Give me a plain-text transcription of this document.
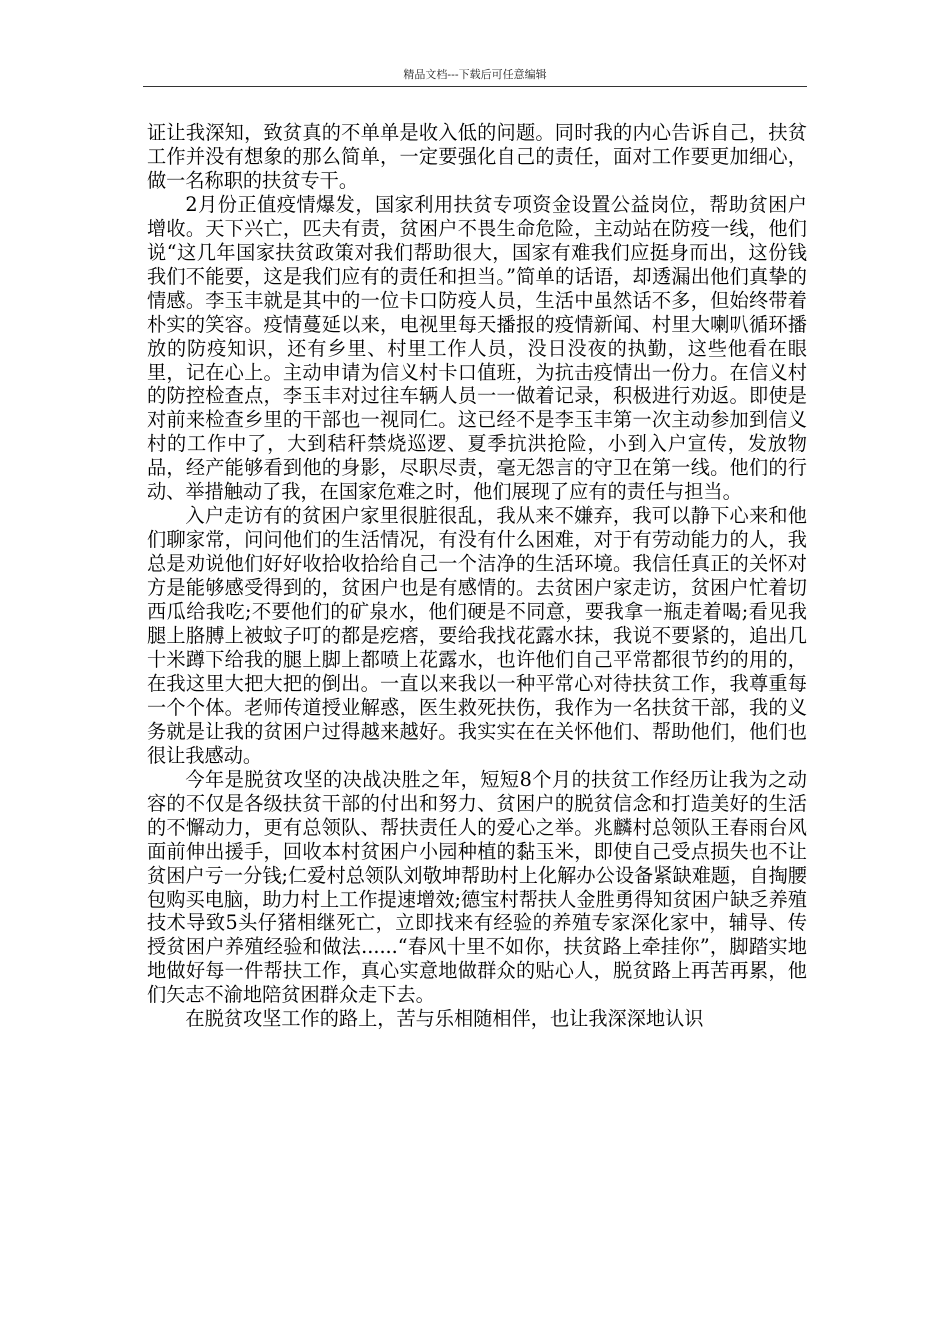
精品文档---下载后可任意编辑

证让我深知，致贫真的不单单是收入低的问题。同时我的内心告诉自己，扶贫工作并没有想象的那么简单，一定要强化自己的责任，面对工作要更加细心，做一名称职的扶贫专干。

2月份正值疫情爆发，国家利用扶贫专项资金设置公益岗位，帮助贫困户增收。天下兴亡，匹夫有责，贫困户不畏生命危险，主动站在防疫一线，他们说“这几年国家扶贫政策对我们帮助很大，国家有难我们应挺身而出，这份钱我们不能要，这是我们应有的责任和担当。”简单的话语，却透漏出他们真挚的情感。李玉丰就是其中的一位卡口防疫人员，生活中虽然话不多，但始终带着朴实的笑容。疫情蔓延以来，电视里每天播报的疫情新闻、村里大喇叭循环播放的防疫知识，还有乡里、村里工作人员，没日没夜的执勤，这些他看在眼里，记在心上。主动申请为信义村卡口值班，为抗击疫情出一份力。在信义村的防控检查点，李玉丰对过往车辆人员一一做着记录，积极进行劝返。即使是对前来检查乡里的干部也一视同仁。这已经不是李玉丰第一次主动参加到信义村的工作中了，大到秸秆禁烧巡逻、夏季抗洪抢险，小到入户宣传，发放物品，经产能够看到他的身影，尽职尽责，毫无怨言的守卫在第一线。他们的行动、举措触动了我，在国家危难之时，他们展现了应有的责任与担当。

入户走访有的贫困户家里很脏很乱，我从来不嫌弃，我可以静下心来和他们聊家常，问问他们的生活情况，有没有什么困难，对于有劳动能力的人，我总是劝说他们好好收拾收拾给自己一个洁净的生活环境。我信任真正的关怀对方是能够感受得到的，贫困户也是有感情的。去贫困户家走访，贫困户忙着切西瓜给我吃;不要他们的矿泉水，他们硬是不同意，要我拿一瓶走着喝;看见我腿上胳膊上被蚊子叮的都是疙瘩，要给我找花露水抹，我说不要紧的，追出几十米蹲下给我的腿上脚上都喷上花露水，也许他们自己平常都很节约的用的，在我这里大把大把的倒出。一直以来我以一种平常心对待扶贫工作，我尊重每一个个体。老师传道授业解惑，医生救死扶伤，我作为一名扶贫干部，我的义务就是让我的贫困户过得越来越好。我实实在在关怀他们、帮助他们，他们也很让我感动。

今年是脱贫攻坚的决战决胜之年，短短8个月的扶贫工作经历让我为之动容的不仅是各级扶贫干部的付出和努力、贫困户的脱贫信念和打造美好的生活的不懈动力，更有总领队、帮扶责任人的爱心之举。兆麟村总领队王春雨台风面前伸出援手，回收本村贫困户小园种植的黏玉米，即使自己受点损失也不让贫困户亏一分钱;仁爱村总领队刘敬坤帮助村上化解办公设备紧缺难题，自掏腰包购买电脑，助力村上工作提速增效;德宝村帮扶人金胜勇得知贫困户缺乏养殖技术导致5头仔猪相继死亡，立即找来有经验的养殖专家深化家中，辅导、传授贫困户养殖经验和做法......“春风十里不如你，扶贫路上牵挂你”，脚踏实地地做好每一件帮扶工作，真心实意地做群众的贴心人，脱贫路上再苦再累，他们矢志不渝地陪贫困群众走下去。

在脱贫攻坚工作的路上，苦与乐相随相伴，也让我深深地认识
